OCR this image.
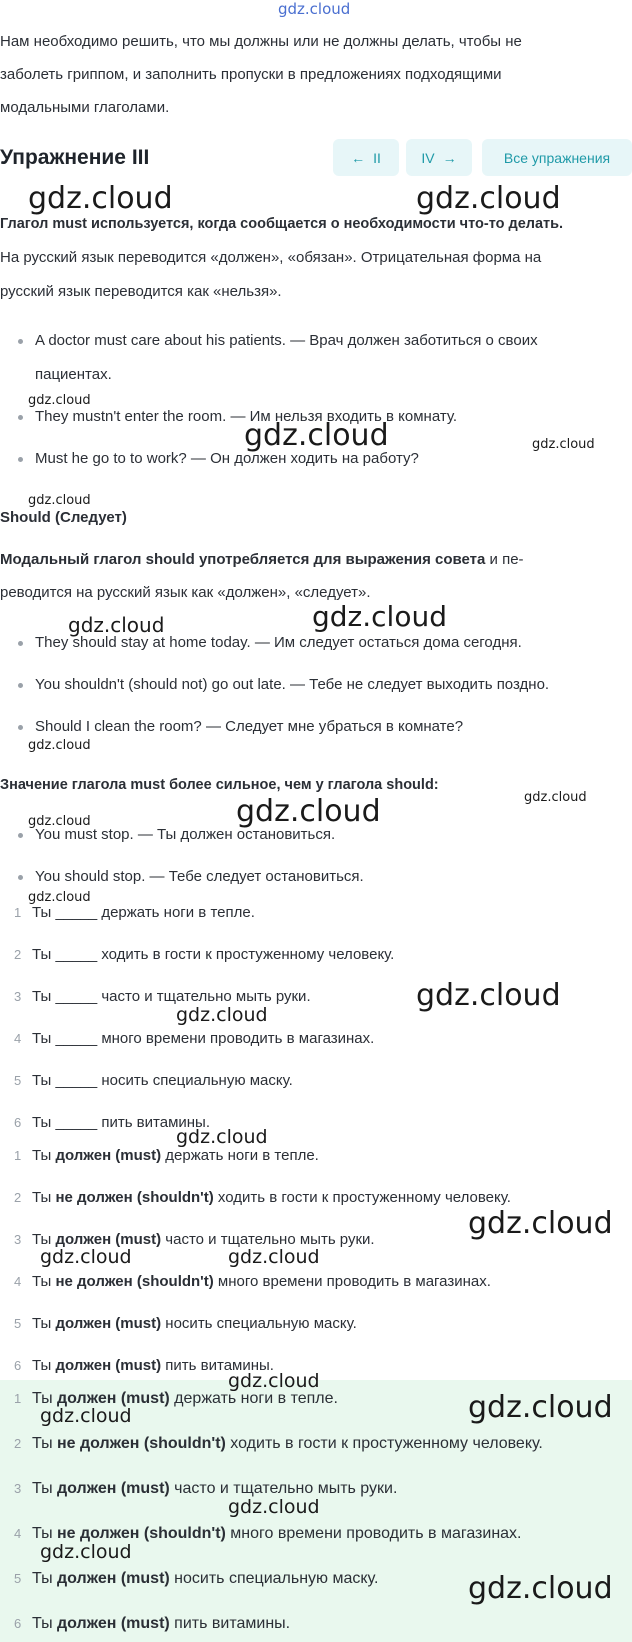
gdz.cloud
Нам необходимо решить, что мы должны или не должны делать, чтобы не
заболеть гриппом, и заполнить пропуски в предложениях подходящими
модальными глаголами.
Упражнение III	← II	IV →	Все упражнения
Глагол must используется, когда сообщается о необходимости что-то делать.
На русский язык переводится «должен», «обязан». Отрицательная форма на
русский язык переводится как «нельзя».
A doctor must care about his patients. — Врач должен заботиться о своих
пациентах.
They mustn't enter the room. — Им нельзя входить в комнату.
Must he go to to work? — Он должен ходить на работу?
Should (Следует)
Модальный глагол should употребляется для выражения совета и пе-
реводится на русский язык как «должен», «следует».
They should stay at home today. — Им следует остаться дома сегодня.
You shouldn't (should not) go out late. — Тебе не следует выходить поздно.
Should I clean the room? — Следует мне убраться в комнате?
Значение глагола must более сильное, чем у глагола should:
You must stop. — Ты должен остановиться.
You should stop. — Тебе следует остановиться.
1 Ты _____ держать ноги в тепле.
2 Ты _____ ходить в гости к простуженному человеку.
3 Ты _____ часто и тщательно мыть руки.
4 Ты _____ много времени проводить в магазинах.
5 Ты _____ носить специальную маску.
6 Ты _____ пить витамины.
1 Ты должен (must) держать ноги в тепле.
2 Ты не должен (shouldn't) ходить в гости к простуженному человеку.
3 Ты должен (must) часто и тщательно мыть руки.
4 Ты не должен (shouldn't) много времени проводить в магазинах.
5 Ты должен (must) носить специальную маску.
6 Ты должен (must) пить витамины.
1 Ты должен (must) держать ноги в тепле.
2 Ты не должен (shouldn't) ходить в гости к простуженному человеку.
3 Ты должен (must) часто и тщательно мыть руки.
4 Ты не должен (shouldn't) много времени проводить в магазинах.
5 Ты должен (must) носить специальную маску.
6 Ты должен (must) пить витамины.
gdz.cloud	gdz.cloud
gdz.cloud
gdz.cloud	gdz.cloud
gdz.cloud
gdz.cloud
gdz.cloud
gdz.cloud
gdz.cloud	gdz.cloud
gdz.cloud
gdz.cloud
gdz.cloud
gdz.cloud
gdz.cloud
gdz.cloud
gdz.cloud	gdz.cloud
gdz.cloud
gdz.cloud
gdz.cloud
gdz.cloud
gdz.cloud
gdz.cloud
